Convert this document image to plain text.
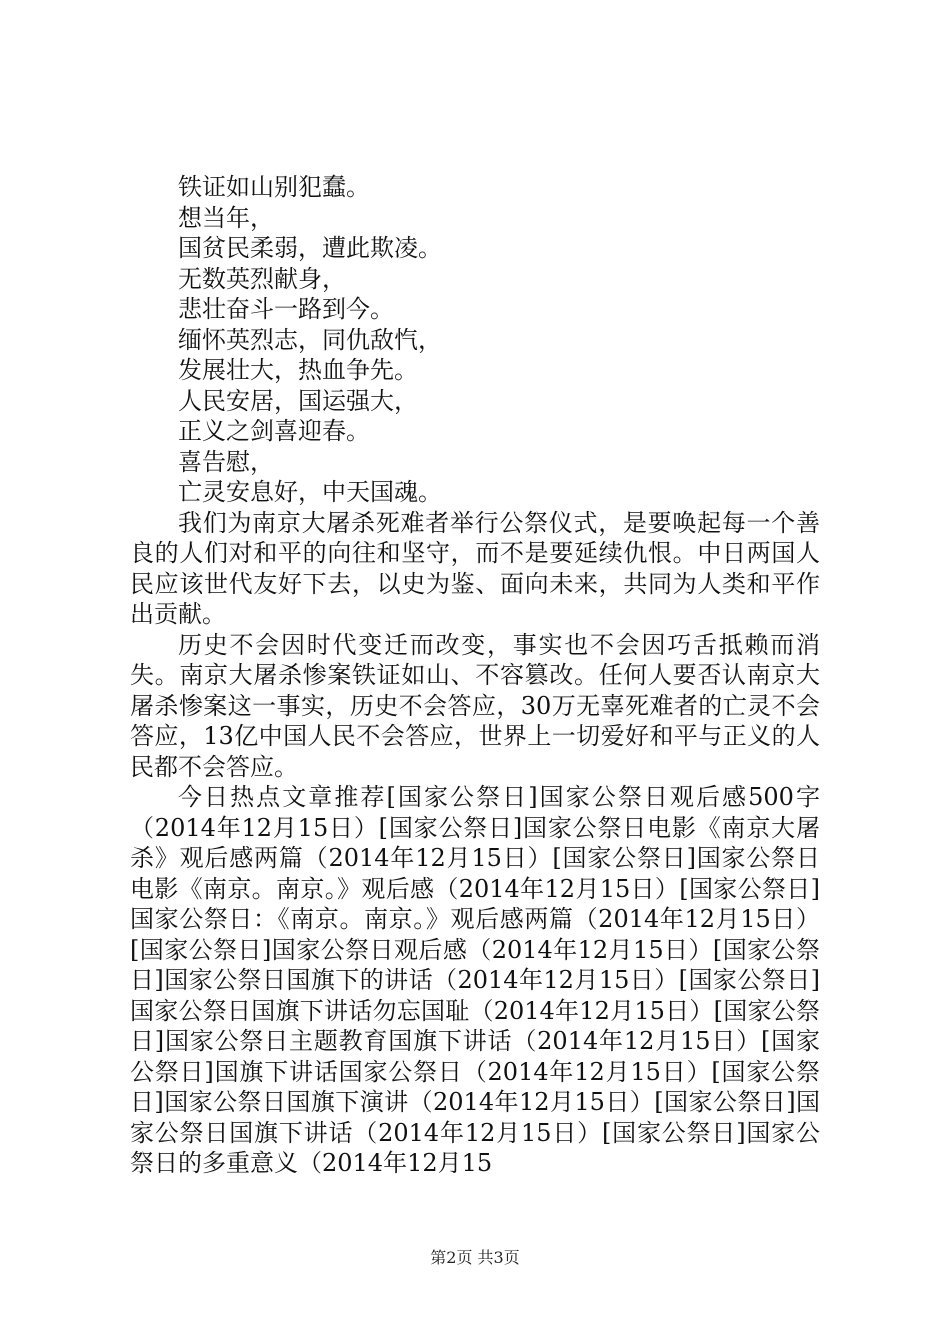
铁证如山别犯蠢。
想当年，
国贫民柔弱，遭此欺凌。
无数英烈献身，
悲壮奋斗一路到今。
缅怀英烈志，同仇敌忾，
发展壮大，热血争先。
人民安居，国运强大，
正义之剑喜迎春。
喜告慰，
亡灵安息好，中天国魂。

我们为南京大屠杀死难者举行公祭仪式，是要唤起每一个善良的人们对和平的向往和坚守，而不是要延续仇恨。中日两国人民应该世代友好下去，以史为鉴、面向未来，共同为人类和平作出贡献。

历史不会因时代变迁而改变，事实也不会因巧舌抵赖而消失。南京大屠杀惨案铁证如山、不容篡改。任何人要否认南京大屠杀惨案这一事实，历史不会答应，30万无辜死难者的亡灵不会答应，13亿中国人民不会答应，世界上一切爱好和平与正义的人民都不会答应。

今日热点文章推荐[国家公祭日]国家公祭日观后感500字（2014年12月15日）[国家公祭日]国家公祭日电影《南京大屠杀》观后感两篇（2014年12月15日）[国家公祭日]国家公祭日电影《南京。南京。》观后感（2014年12月15日）[国家公祭日]国家公祭日：《南京。南京。》观后感两篇（2014年12月15日）[国家公祭日]国家公祭日观后感（2014年12月15日）[国家公祭日]国家公祭日国旗下的讲话（2014年12月15日）[国家公祭日]国家公祭日国旗下讲话勿忘国耻（2014年12月15日）[国家公祭日]国家公祭日主题教育国旗下讲话（2014年12月15日）[国家公祭日]国旗下讲话国家公祭日（2014年12月15日）[国家公祭日]国家公祭日国旗下演讲（2014年12月15日）[国家公祭日]国家公祭日国旗下讲话（2014年12月15日）[国家公祭日]国家公祭日的多重意义（2014年12月15

第2页 共3页
